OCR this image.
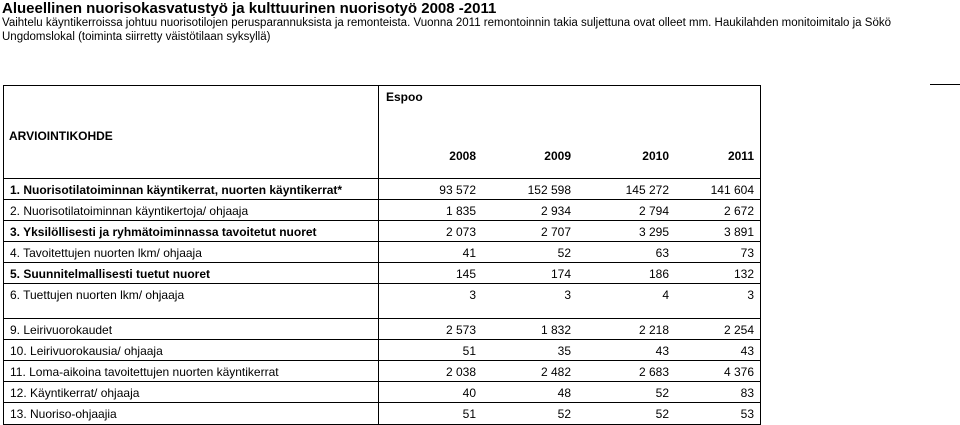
Alueellinen nuorisokasvatustyö ja kulttuurinen nuorisotyö 2008 -2011
Vaihtelu käyntikerroissa johtuu nuorisotilojen perusparannuksista ja remonteista. Vuonna 2011 remontoinnin takia suljettuna ovat olleet mm. Haukilahden monitoimitalo ja Sökö Ungdomslokal (toiminta siirretty väistötilaan syksyllä)
Espoo
ARVIOINTIKOHDE
2008	2009	2010	2011
1. Nuorisotilatoiminnan käyntikerrat, nuorten käyntikerrat*	93 572	152 598	145 272	141 604
2. Nuorisotilatoiminnan käyntikertoja/ ohjaaja	1 835	2 934	2 794	2 672
3. Yksilöllisesti ja ryhmätoiminnassa tavoitetut nuoret	2 073	2 707	3 295	3 891
4. Tavoitettujen nuorten lkm/ ohjaaja	41	52	63	73
5. Suunnitelmallisesti tuetut nuoret	145	174	186	132
6. Tuettujen nuorten lkm/ ohjaaja	3	3	4	3
9. Leirivuorokaudet	2 573	1 832	2 218	2 254
10. Leirivuorokausia/ ohjaaja	51	35	43	43
11. Loma-aikoina tavoitettujen nuorten käyntikerrat	2 038	2 482	2 683	4 376
12. Käyntikerrat/ ohjaaja	40	48	52	83
13. Nuoriso-ohjaajia	51	52	52	53
